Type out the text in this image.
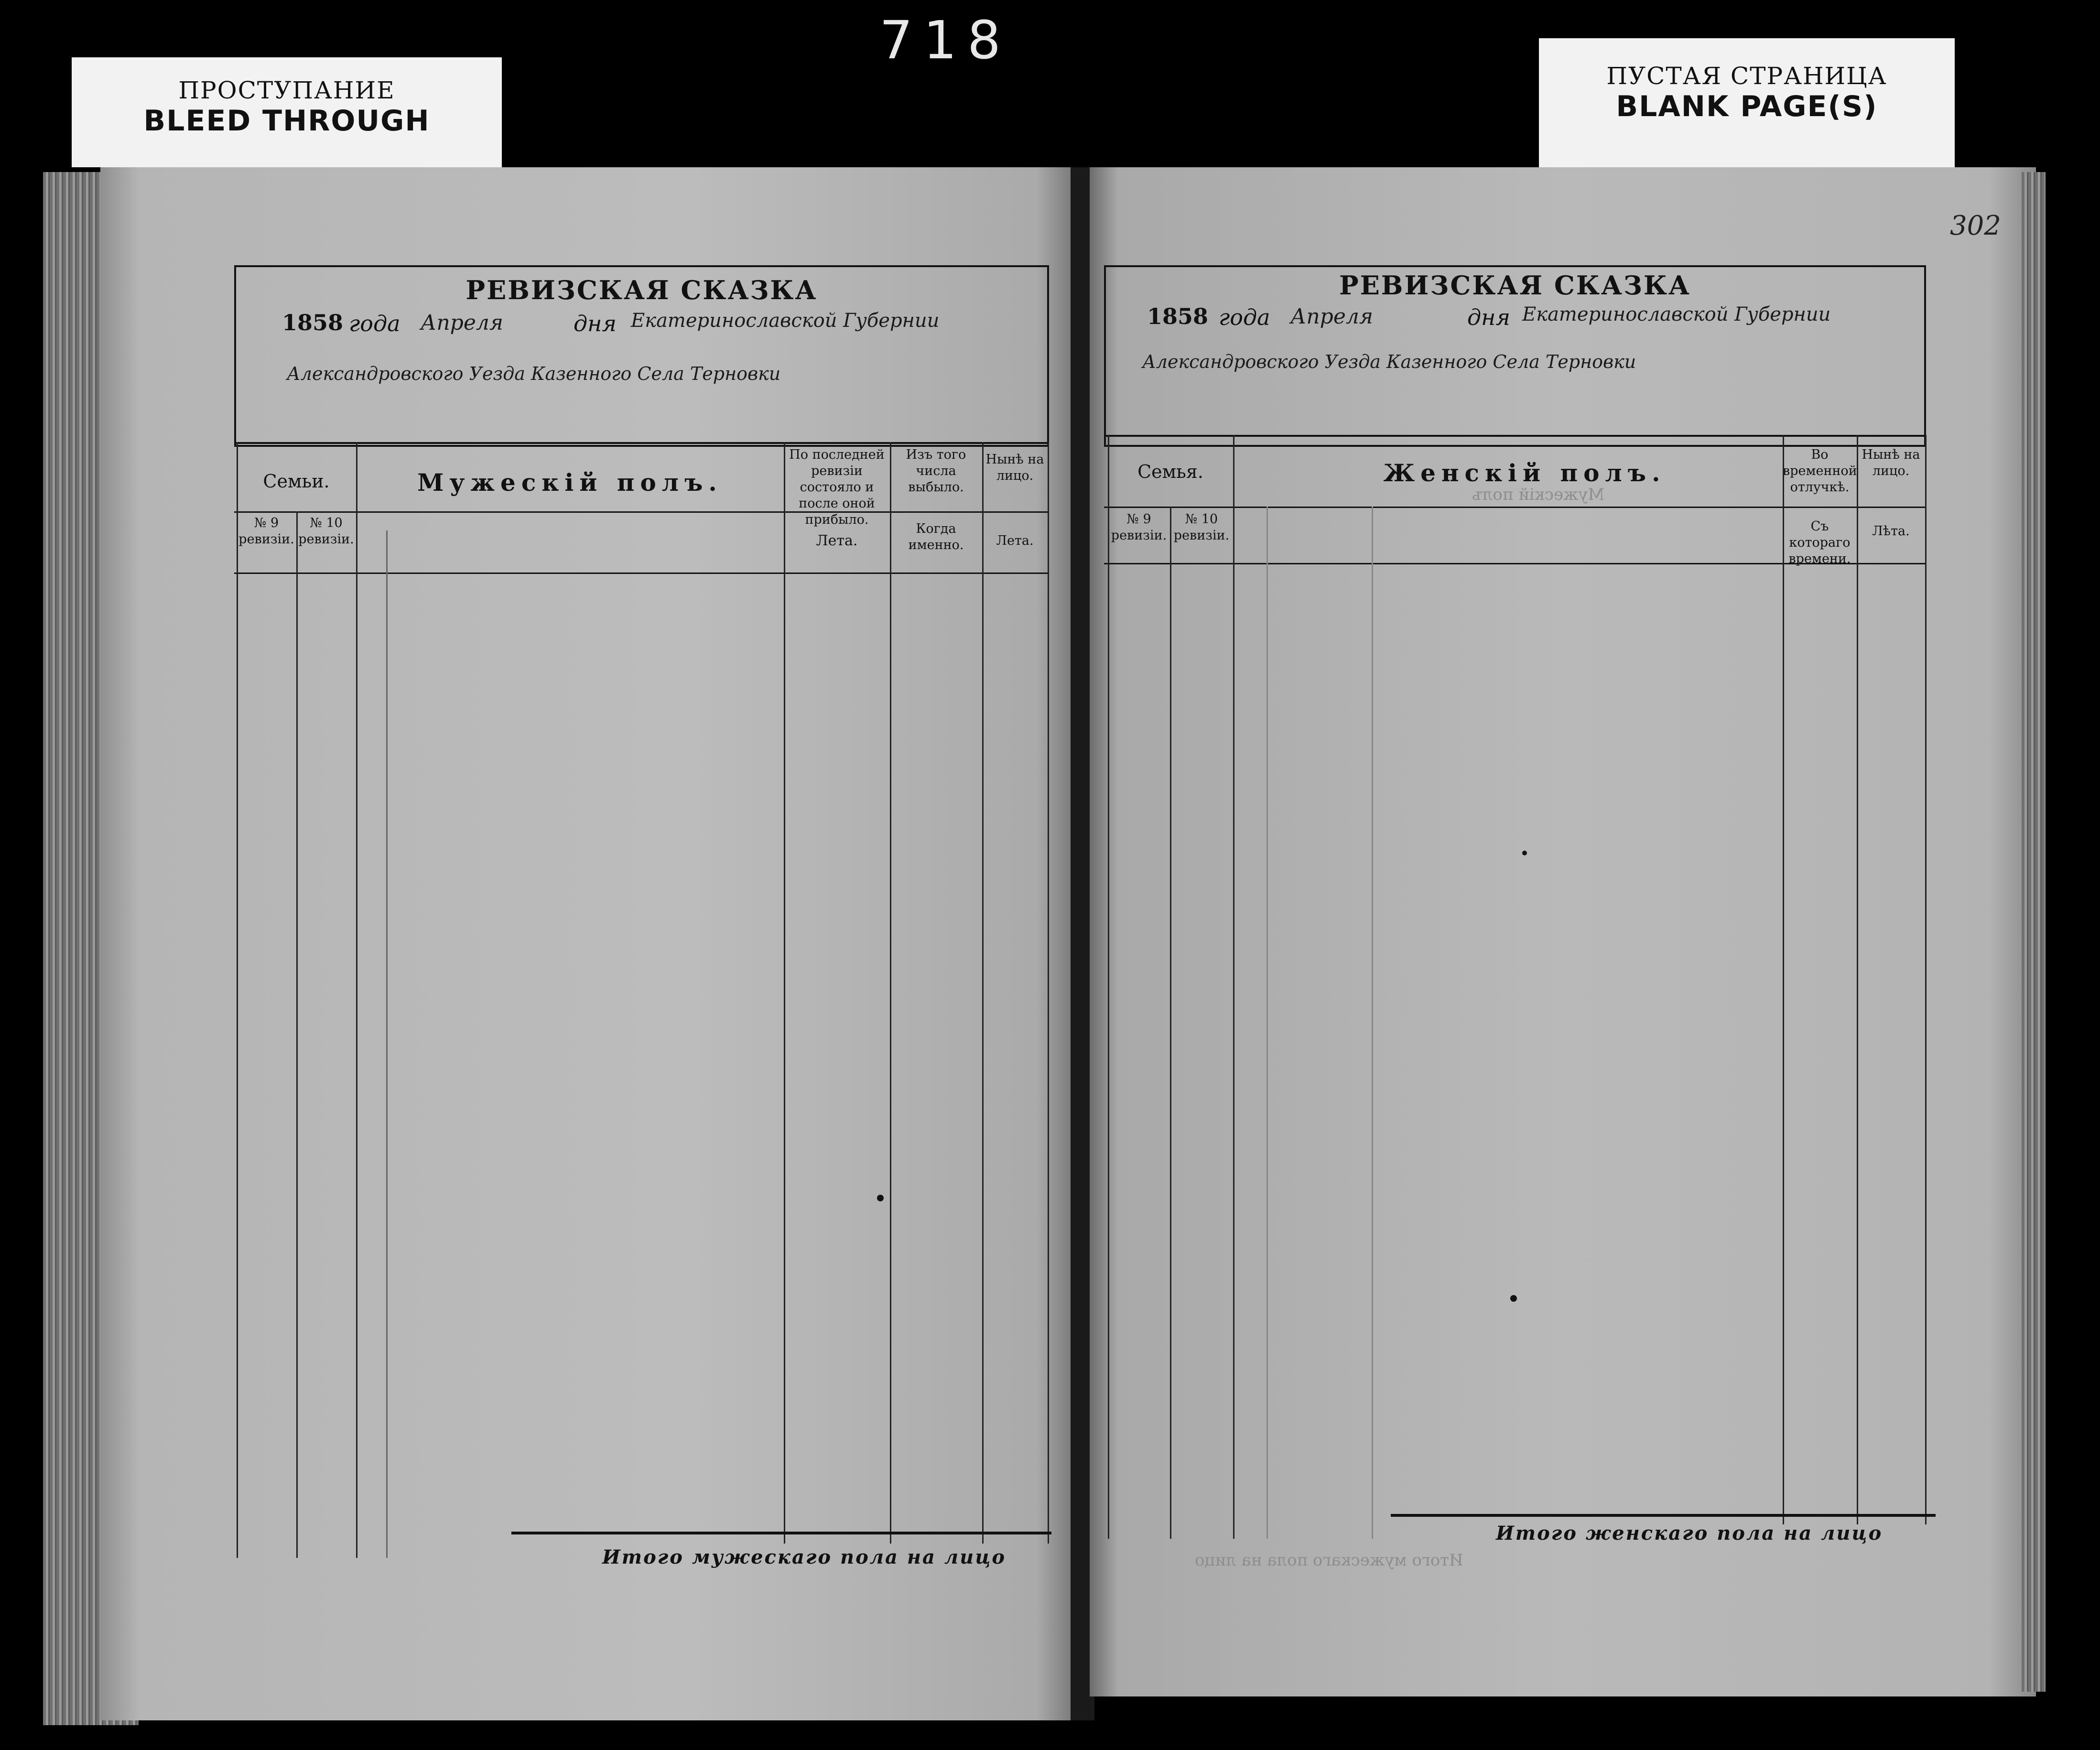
718
ПРОСТУПАНИЕ
BLEED THROUGH
ПУСТАЯ СТРАНИЦА
BLANK PAGE(S)
302
РЕВИЗСКАЯ СКАЗКА
1858 года Апреля	дня Екатеринославской Губернии
Александровского Уезда Казенного Села Терновки
Семьи.
№ 9 ревизіи.
№ 10 ревизіи.
Мужескій полъ.
По последней ревизіи состояло и после оной прибыло.
Лета.
Изъ того числа выбыло.
Когда именно.
Нынѣ на лицо.
Лета.
Итого мужескаго пола на лицо
РЕВИЗСКАЯ СКАЗКА
1858 года Апреля	дня Екатеринославской Губернии
Александровского Уезда Казенного Села Терновки
Семья.
№ 9 ревизіи.
№ 10 ревизіи.
Женскій полъ.
Во временной отлучкѣ.
Съ котораго времени.
Нынѣ на лицо.
Лѣта.
Мужескій полъ
Итого женскаго пола на лицо
Итого мужескаго пола на лицо
